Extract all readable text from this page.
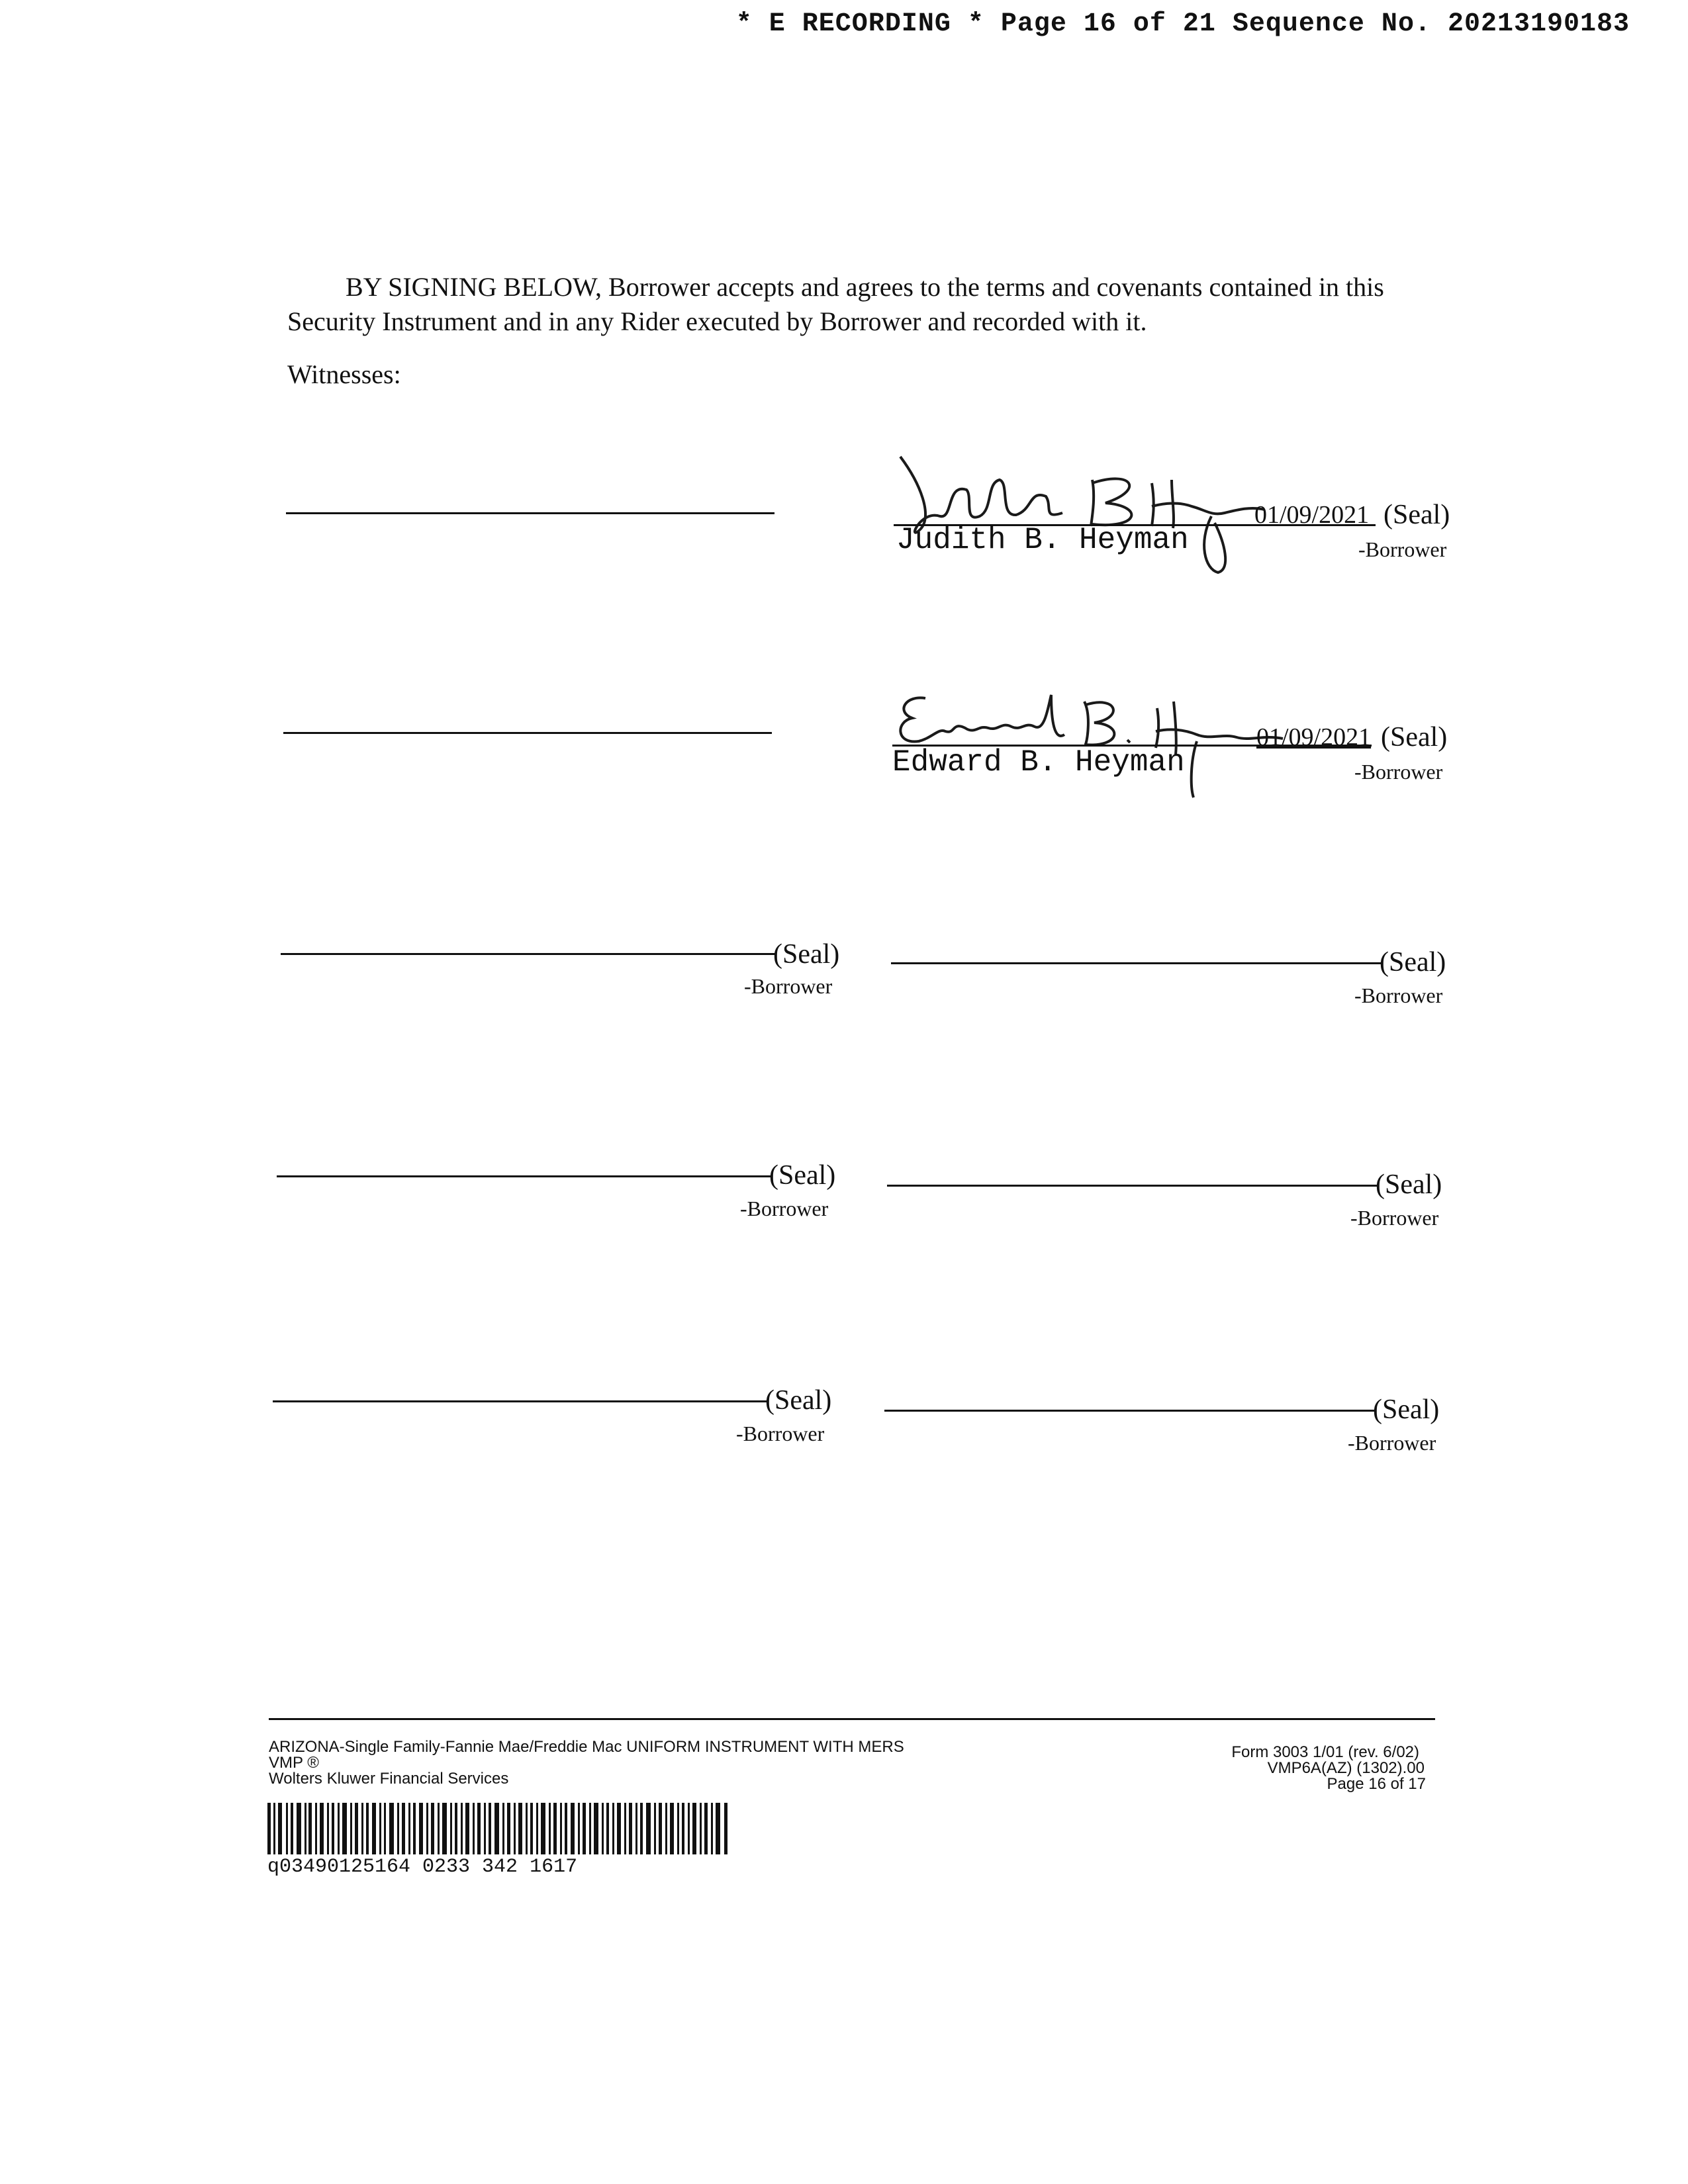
* E RECORDING * Page 16 of 21 Sequence No. 20213190183
BY SIGNING BELOW, Borrower accepts and agrees to the terms and covenants contained in this Security Instrument and in any Rider executed by Borrower and recorded with it.
Witnesses:
01/09/2021 (Seal)
Judith B. Heyman	-Borrower
01/09/2021 (Seal)
Edward B. Heyman	-Borrower
(Seal)
-Borrower
(Seal)
-Borrower
(Seal)
-Borrower
(Seal)
-Borrower
(Seal)
-Borrower
(Seal)
-Borrower
ARIZONA-Single Family-Fannie Mae/Freddie Mac UNIFORM INSTRUMENT WITH MERS
VMP ®
Wolters Kluwer Financial Services
Form 3003 1/01 (rev. 6/02)
VMP6A(AZ) (1302).00
Page 16 of 17
q03490125164 0233 342 1617
